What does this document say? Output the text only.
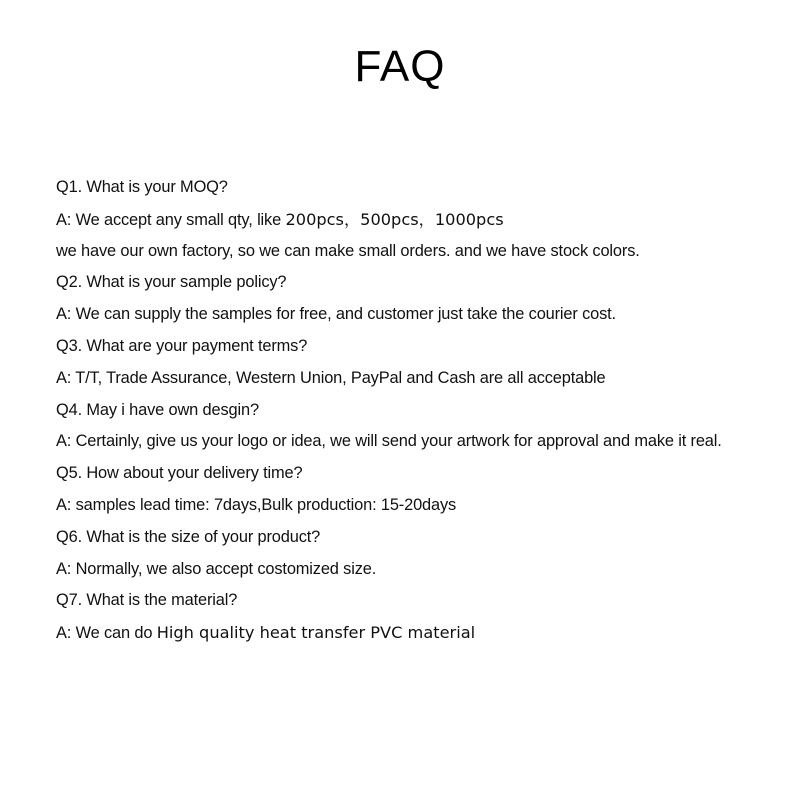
FAQ
Q1. What is your MOQ?
A: We accept any small qty, like 200pcs，500pcs，1000pcs
we have our own factory, so we can make small orders. and we have stock colors.
Q2. What is your sample policy?
A: We can supply the samples for free, and customer just take the courier cost.
Q3. What are your payment terms?
A: T/T, Trade Assurance, Western Union, PayPal and Cash are all acceptable
Q4. May i have own desgin?
A: Certainly, give us your logo or idea, we will send your artwork for approval and make it real.
Q5. How about your delivery time?
A: samples lead time: 7days,Bulk production: 15-20days
Q6. What is the size of your product?
A: Normally, we also accept costomized size.
Q7. What is the material?
A: We can do High quality heat transfer PVC material
